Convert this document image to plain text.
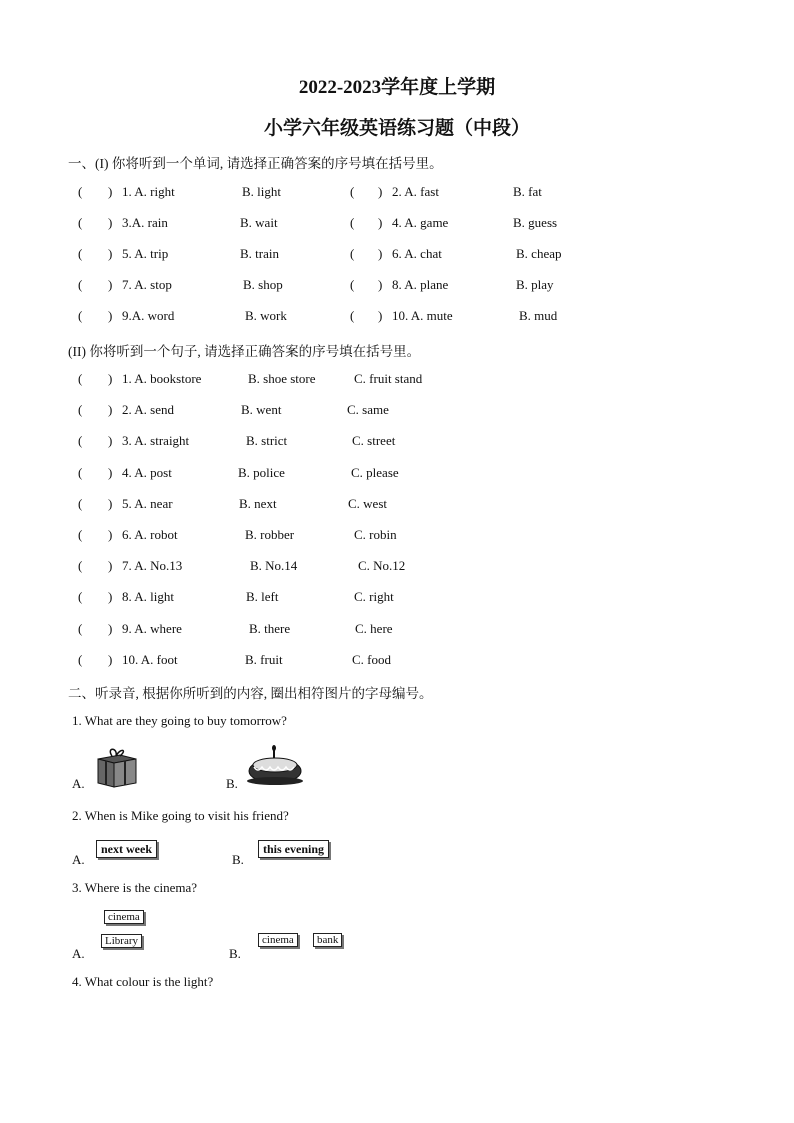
2022-2023学年度上学期
小学六年级英语练习题（中段）
一、(I) 你将听到一个单词, 请选择正确答案的序号填在括号里。
( ) 1. A. right	B. light	( ) 2. A. fast	B. fat
( ) 3.A. rain	B. wait	( ) 4. A. game	B. guess
( ) 5. A. trip	B. train	( ) 6. A. chat	B. cheap
( ) 7. A. stop	B. shop	( ) 8. A. plane	B. play
( ) 9.A. word	B. work	( ) 10. A. mute	B. mud
(II) 你将听到一个句子, 请选择正确答案的序号填在括号里。
( ) 1. A. bookstore	B. shoe store	C. fruit stand
( ) 2. A. send	B. went	C. same
( ) 3. A. straight	B. strict	C. street
( ) 4. A. post	B. police	C. please
( ) 5. A. near	B. next	C. west
( ) 6. A. robot	B. robber	C. robin
( ) 7. A. No.13	B. No.14	C. No.12
( ) 8. A. light	B. left	C. right
( ) 9. A. where	B. there	C. here
( ) 10. A. foot	B. fruit	C. food
二、听录音, 根据你所听到的内容, 圈出相符图片的字母编号。
1. What are they going to buy tomorrow?
A.	B.
2. When is Mike going to visit his friend?
A.
next week
B.
this evening
3. Where is the cinema?
cinema
Library
A.	B.
cinema	bank
4. What colour is the light?
